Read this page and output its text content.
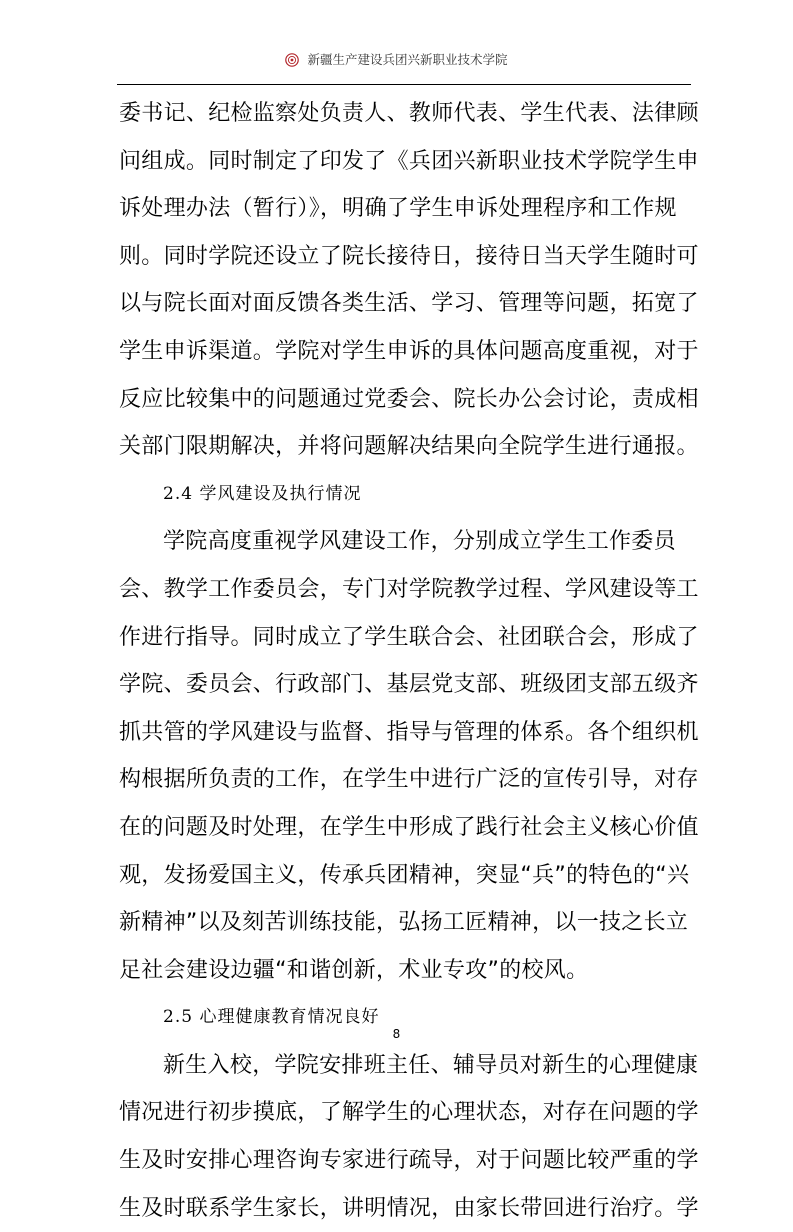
新疆生产建设兵团兴新职业技术学院
委书记、纪检监察处负责人、教师代表、学生代表、法律顾
问组成。同时制定了印发了《兵团兴新职业技术学院学生申
诉处理办法（暂行）》，明确了学生申诉处理程序和工作规
则。同时学院还设立了院长接待日，接待日当天学生随时可
以与院长面对面反馈各类生活、学习、管理等问题，拓宽了
学生申诉渠道。学院对学生申诉的具体问题高度重视，对于
反应比较集中的问题通过党委会、院长办公会讨论，责成相
关部门限期解决，并将问题解决结果向全院学生进行通报。
2.4 学风建设及执行情况
学院高度重视学风建设工作，分别成立学生工作委员
会、教学工作委员会，专门对学院教学过程、学风建设等工
作进行指导。同时成立了学生联合会、社团联合会，形成了
学院、委员会、行政部门、基层党支部、班级团支部五级齐
抓共管的学风建设与监督、指导与管理的体系。各个组织机
构根据所负责的工作，在学生中进行广泛的宣传引导，对存
在的问题及时处理，在学生中形成了践行社会主义核心价值
观，发扬爱国主义，传承兵团精神，突显“兵”的特色的“兴
新精神”以及刻苦训练技能，弘扬工匠精神，以一技之长立
足社会建设边疆“和谐创新，术业专攻”的校风。
2.5 心理健康教育情况良好
新生入校，学院安排班主任、辅导员对新生的心理健康
情况进行初步摸底，了解学生的心理状态，对存在问题的学
生及时安排心理咨询专家进行疏导，对于问题比较严重的学
生及时联系学生家长，讲明情况，由家长带回进行治疗。学
8
